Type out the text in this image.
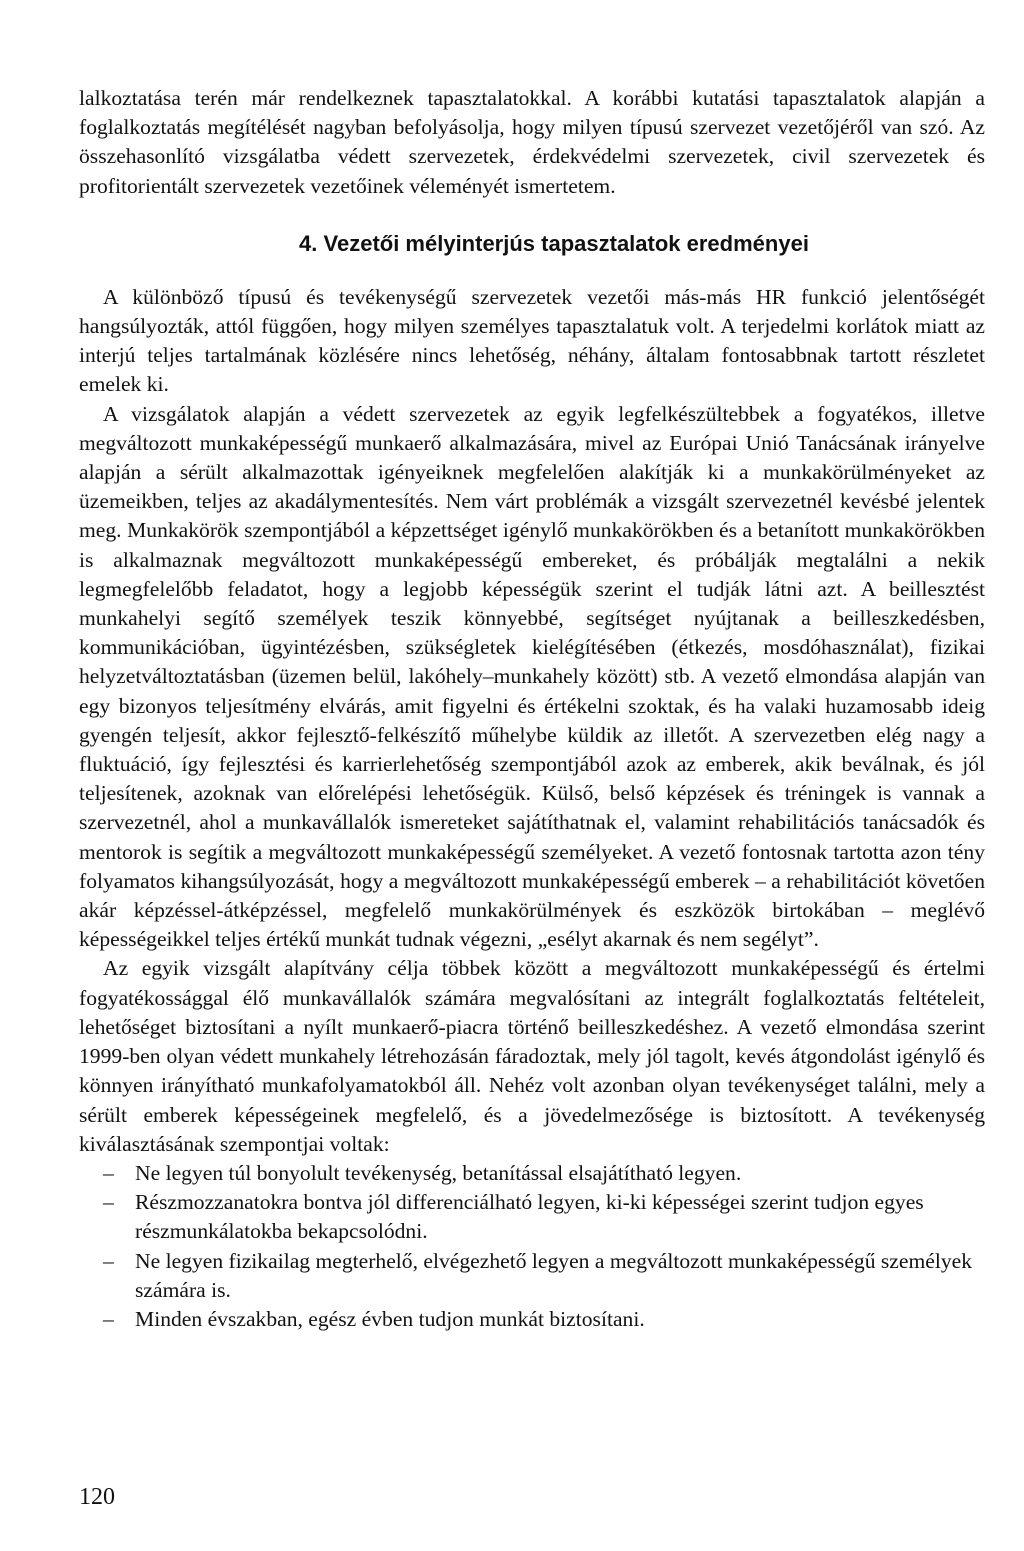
lalkoztatása terén már rendelkeznek tapasztalatokkal. A korábbi kutatási tapasztalatok alapján a foglalkoztatás megítélését nagyban befolyásolja, hogy milyen típusú szervezet vezetőjéről van szó. Az összehasonlító vizsgálatba védett szervezetek, érdekvédelmi szervezetek, civil szervezetek és profitorientált szervezetek vezetőinek véleményét ismertetem.

4. Vezetői mélyinterjús tapasztalatok eredményei

A különböző típusú és tevékenységű szervezetek vezetői más-más HR funkció jelentőségét hangsúlyozták, attól függően, hogy milyen személyes tapasztalatuk volt. A terjedelmi korlátok miatt az interjú teljes tartalmának közlésére nincs lehetőség, néhány, általam fontosabbnak tartott részletet emelek ki.

A vizsgálatok alapján a védett szervezetek az egyik legfelkészültebbek a fogyatékos, illetve megváltozott munkaképességű munkaerő alkalmazására, mivel az Európai Unió Tanácsának irányelve alapján a sérült alkalmazottak igényeiknek megfelelően alakítják ki a munkakörülményeket az üzemeikben, teljes az akadálymentesítés. Nem várt problémák a vizsgált szervezetnél kevésbé jelentek meg. Munkakörök szempontjából a képzettséget igénylő munkakörökben és a betanított munkakörökben is alkalmaznak megváltozott munkaképességű embereket, és próbálják megtalálni a nekik legmegfelelőbb feladatot, hogy a legjobb képességük szerint el tudják látni azt. A beillesztést munkahelyi segítő személyek teszik könnyebbé, segítséget nyújtanak a beilleszkedésben, kommunikációban, ügyintézésben, szükségletek kielégítésében (étkezés, mosdóhasználat), fizikai helyzetváltoztatásban (üzemen belül, lakóhely–munkahely között) stb. A vezető elmondása alapján van egy bizonyos teljesítmény elvárás, amit figyelni és értékelni szoktak, és ha valaki huzamosabb ideig gyengén teljesít, akkor fejlesztő-felkészítő műhelybe küldik az illetőt. A szervezetben elég nagy a fluktuáció, így fejlesztési és karrierlehetőség szempontjából azok az emberek, akik beválnak, és jól teljesítenek, azoknak van előrelépési lehetőségük. Külső, belső képzések és tréningek is vannak a szervezetnél, ahol a munkavállalók ismereteket sajátíthatnak el, valamint rehabilitációs tanácsadók és mentorok is segítik a megváltozott munkaképességű személyeket. A vezető fontosnak tartotta azon tény folyamatos kihangsúlyozását, hogy a megváltozott munkaképességű emberek – a rehabilitációt követően akár képzéssel-átképzéssel, megfelelő munkakörülmények és eszközök birtokában – meglévő képességeikkel teljes értékű munkát tudnak végezni, „esélyt akarnak és nem segélyt”.

Az egyik vizsgált alapítvány célja többek között a megváltozott munkaképességű és értelmi fogyatékossággal élő munkavállalók számára megvalósítani az integrált foglalkoztatás feltételeit, lehetőséget biztosítani a nyílt munkaerő-piacra történő beilleszkedéshez. A vezető elmondása szerint 1999-ben olyan védett munkahely létrehozásán fáradoztak, mely jól tagolt, kevés átgondolást igénylő és könnyen irányítható munkafolyamatokból áll. Nehéz volt azonban olyan tevékenységet találni, mely a sérült emberek képességeinek megfelelő, és a jövedelmezősége is biztosított. A tevékenység kiválasztásának szempontjai voltak:

– Ne legyen túl bonyolult tevékenység, betanítással elsajátítható legyen.
– Részmozzanatokra bontva jól differenciálható legyen, ki-ki képességei szerint tudjon egyes részmunkálatokba bekapcsolódni.
– Ne legyen fizikailag megterhelő, elvégezhető legyen a megváltozott munkaképességű személyek számára is.
– Minden évszakban, egész évben tudjon munkát biztosítani.
120
